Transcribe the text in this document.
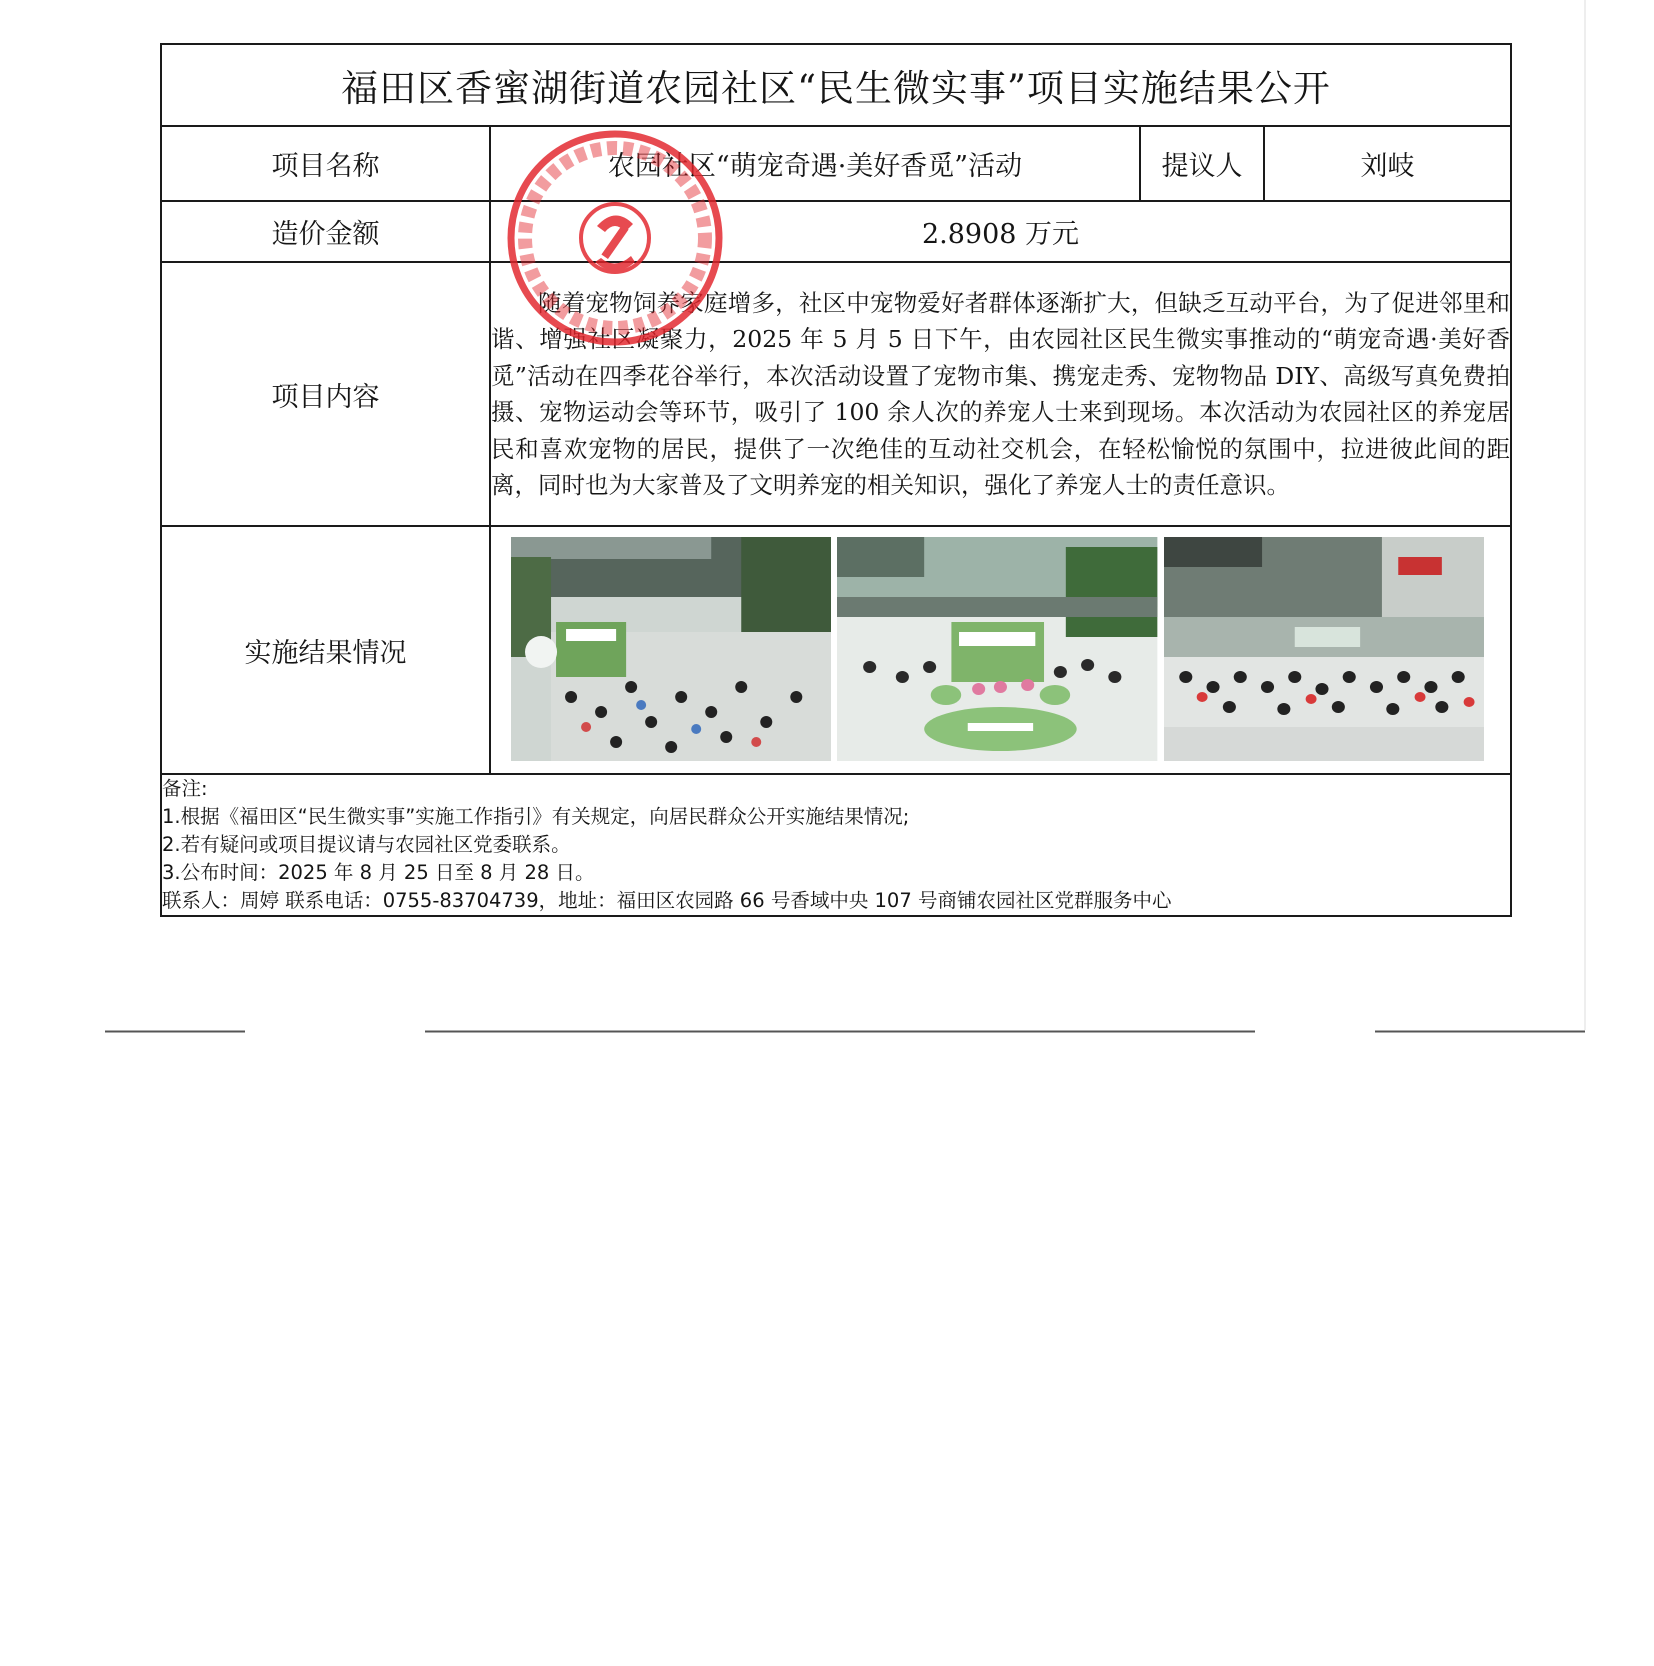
福田区香蜜湖街道农园社区“民生微实事”项目实施结果公开			
项目名称	农园社区“萌宠奇遇·美好香觅”活动	提议人	刘岐
造价金额	2.8908 万元		
项目内容	随着宠物饲养家庭增多，社区中宠物爱好者群体逐渐扩大，但缺乏互动平台，为了促进邻里和谐、增强社区凝聚力，2025 年 5 月 5 日下午，由农园社区民生微实事推动的“萌宠奇遇·美好香觅”活动在四季花谷举行，本次活动设置了宠物市集、携宠走秀、宠物物品 DIY、高级写真免费拍摄、宠物运动会等环节，吸引了 100 余人次的养宠人士来到现场。本次活动为农园社区的养宠居民和喜欢宠物的居民，提供了一次绝佳的互动社交机会，在轻松愉悦的氛围中，拉进彼此间的距离，同时也为大家普及了文明养宠的相关知识，强化了养宠人士的责任意识。		
实施结果情况	

备注:
1.根据《福田区“民生微实事”实施工作指引》有关规定，向居民群众公开实施结果情况;
2.若有疑问或项目提议请与农园社区党委联系。
3.公布时间：2025 年 8 月 25 日至 8 月 28 日。
联系人：周婷 联系电话：0755-83704739，地址：福田区农园路 66 号香域中央 107 号商铺农园社区党群服务中心			
